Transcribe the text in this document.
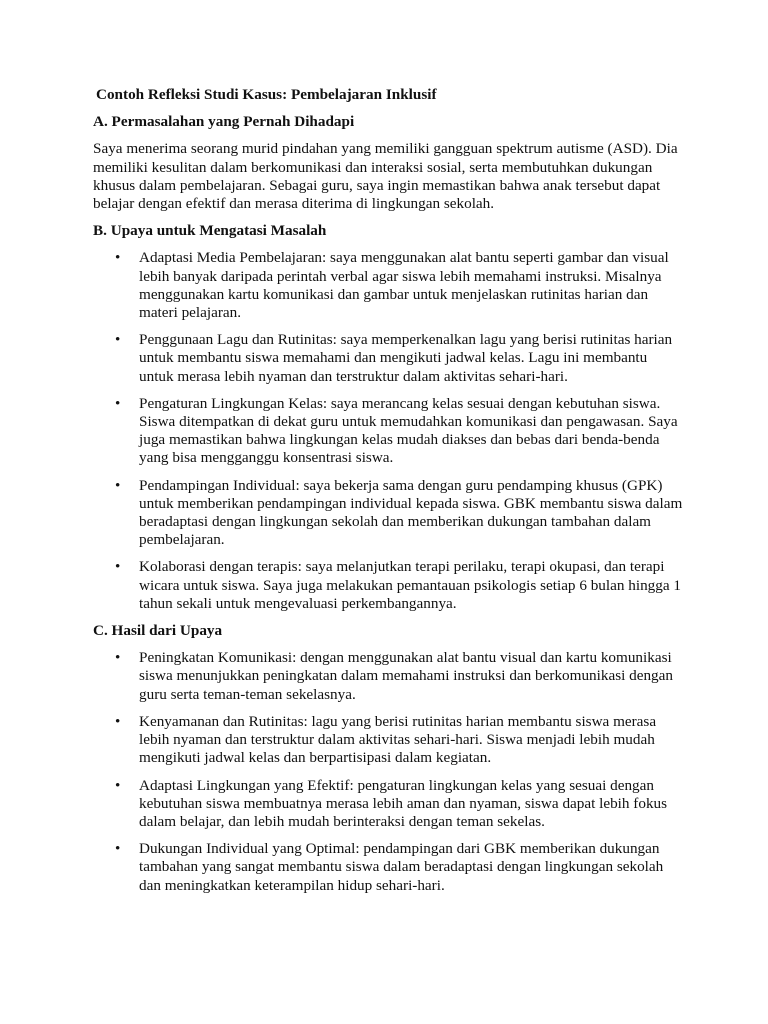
Contoh Refleksi Studi Kasus: Pembelajaran Inklusif
A. Permasalahan yang Pernah Dihadapi

Saya menerima seorang murid pindahan yang memiliki gangguan spektrum autisme (ASD). Dia memiliki kesulitan dalam berkomunikasi dan interaksi sosial, serta membutuhkan dukungan khusus dalam pembelajaran. Sebagai guru, saya ingin memastikan bahwa anak tersebut dapat belajar dengan efektif dan merasa diterima di lingkungan sekolah.

B. Upaya untuk Mengatasi Masalah
• Adaptasi Media Pembelajaran: saya menggunakan alat bantu seperti gambar dan visual lebih banyak daripada perintah verbal agar siswa lebih memahami instruksi. Misalnya menggunakan kartu komunikasi dan gambar untuk menjelaskan rutinitas harian dan materi pelajaran.
• Penggunaan Lagu dan Rutinitas: saya memperkenalkan lagu yang berisi rutinitas harian untuk membantu siswa memahami dan mengikuti jadwal kelas. Lagu ini membantu untuk merasa lebih nyaman dan terstruktur dalam aktivitas sehari-hari.
• Pengaturan Lingkungan Kelas: saya merancang kelas sesuai dengan kebutuhan siswa. Siswa ditempatkan di dekat guru untuk memudahkan komunikasi dan pengawasan. Saya juga memastikan bahwa lingkungan kelas mudah diakses dan bebas dari benda-benda yang bisa mengganggu konsentrasi siswa.
• Pendampingan Individual: saya bekerja sama dengan guru pendamping khusus (GPK) untuk memberikan pendampingan individual kepada siswa. GBK membantu siswa dalam beradaptasi dengan lingkungan sekolah dan memberikan dukungan tambahan dalam pembelajaran.
• Kolaborasi dengan terapis: saya melanjutkan terapi perilaku, terapi okupasi, dan terapi wicara untuk siswa. Saya juga melakukan pemantauan psikologis setiap 6 bulan hingga 1 tahun sekali untuk mengevaluasi perkembangannya.
C. Hasil dari Upaya
• Peningkatan Komunikasi: dengan menggunakan alat bantu visual dan kartu komunikasi siswa menunjukkan peningkatan dalam memahami instruksi dan berkomunikasi dengan guru serta teman-teman sekelasnya.
• Kenyamanan dan Rutinitas: lagu yang berisi rutinitas harian membantu siswa merasa lebih nyaman dan terstruktur dalam aktivitas sehari-hari. Siswa menjadi lebih mudah mengikuti jadwal kelas dan berpartisipasi dalam kegiatan.
• Adaptasi Lingkungan yang Efektif: pengaturan lingkungan kelas yang sesuai dengan kebutuhan siswa membuatnya merasa lebih aman dan nyaman, siswa dapat lebih fokus dalam belajar, dan lebih mudah berinteraksi dengan teman sekelas.
• Dukungan Individual yang Optimal: pendampingan dari GBK memberikan dukungan tambahan yang sangat membantu siswa dalam beradaptasi dengan lingkungan sekolah dan meningkatkan keterampilan hidup sehari-hari.
